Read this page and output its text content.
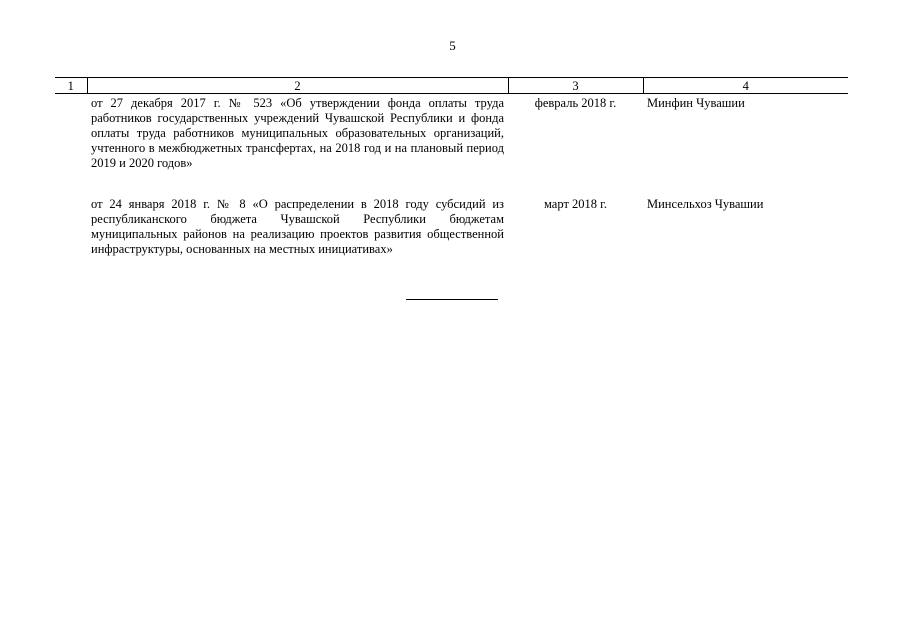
5
1	2	3	4
	от 27 декабря 2017 г. № 523 «Об утверждении фонда оплаты труда работников государственных учреждений Чувашской Республики и фонда оплаты труда работников муниципальных образовательных организаций, учтенного в межбюджетных трансфертах, на 2018 год и на плановый период 2019 и 2020 годов»	февраль 2018 г.	Минфин Чувашии
	от 24 января 2018 г. № 8 «О распределении в 2018 году субсидий из республиканского бюджета Чувашской Республики бюджетам муниципальных районов на реализацию проектов развития общественной инфраструктуры, основанных на местных инициативах»	март 2018 г.	Минсельхоз Чувашии
